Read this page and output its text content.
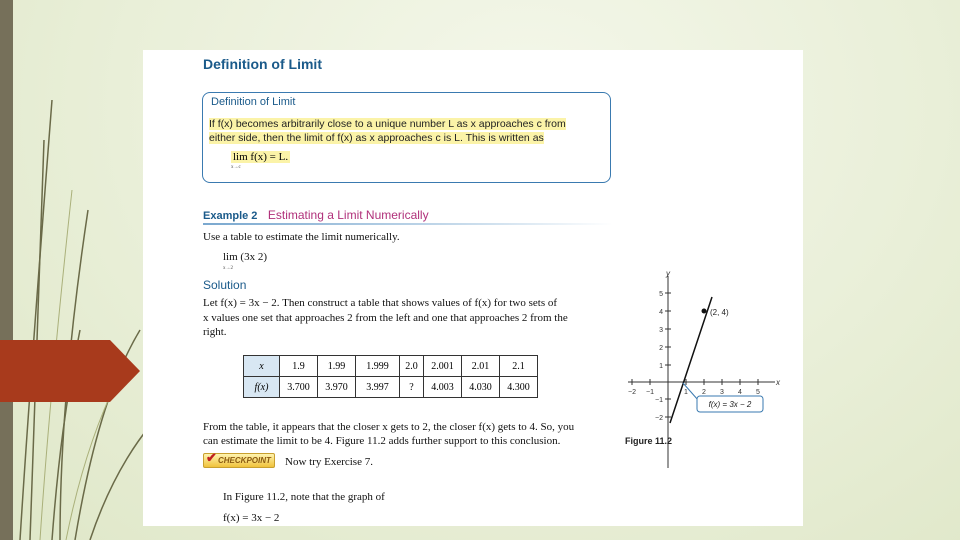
Definition of Limit
Definition of Limit
If f(x) becomes arbitrarily close to a unique number L as x approaches c from
either side, then the limit of f(x) as x approaches c is L. This is written as
lim f(x) = L.
x→c
Example 2 Estimating a Limit Numerically
Use a table to estimate the limit numerically.
lim (3x 2)
x→2
Solution
Let f(x) = 3x − 2. Then construct a table that shows values of f(x) for two sets of
x values one set that approaches 2 from the left and one that approaches 2 from the
right.
x	1.9	1.99	1.999	2.0	2.001	2.01	2.1
f(x)	3.700	3.970	3.997	?	4.003	4.030	4.300	x
y
−2 −1	1 2 3 4 5
5
4
3
2
1
−1
−2
(2, 4)
f(x) = 3x − 2
Figure 11.2
From the table, it appears that the closer x gets to 2, the closer f(x) gets to 4. So, you
can estimate the limit to be 4. Figure 11.2 adds further support to this conclusion.
✔ CHECKPOINT	Now try Exercise 7.
In Figure 11.2, note that the graph of
f(x) = 3x − 2
